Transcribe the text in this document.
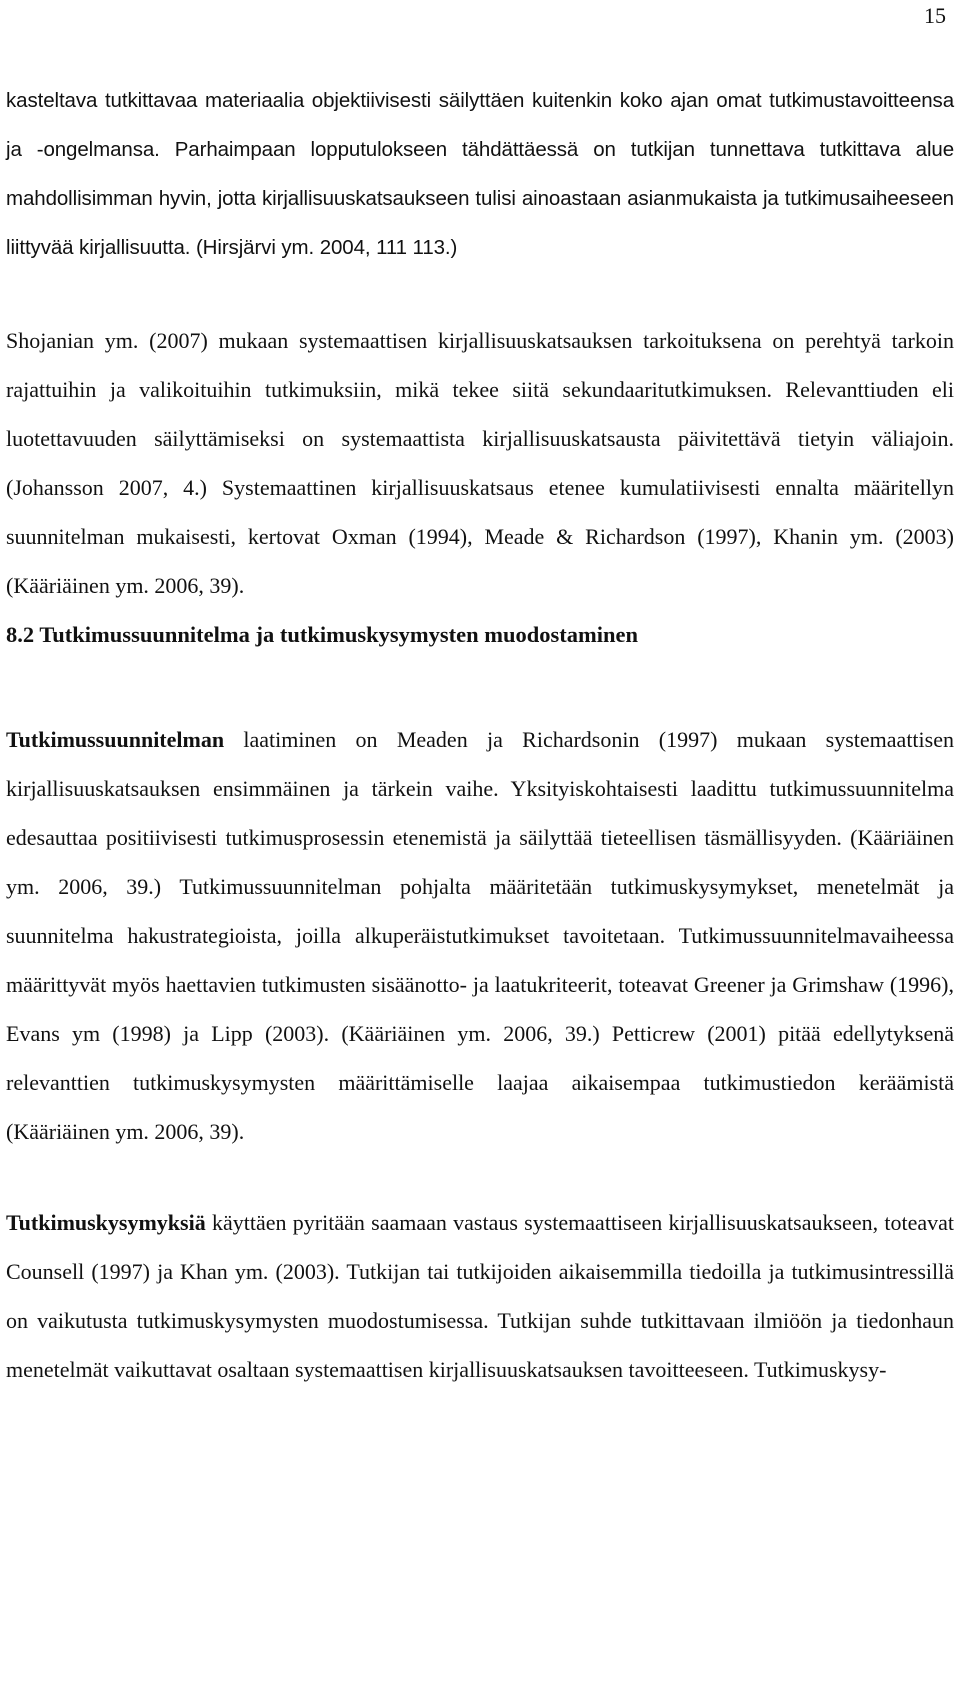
15

kasteltava tutkittavaa materiaalia objektiivisesti säilyttäen kuitenkin koko ajan omat tutkimustavoitteensa ja -ongelmansa. Parhaimpaan lopputulokseen tähdättäessä on tutkijan tunnettava tutkittava alue mahdollisimman hyvin, jotta kirjallisuuskatsaukseen tulisi ainoastaan asianmukaista ja tutkimusaiheeseen liittyvää kirjallisuutta. (Hirsjärvi ym. 2004, 111 113.)

Shojanian ym. (2007) mukaan systemaattisen kirjallisuuskatsauksen tarkoituksena on perehtyä tarkoin rajattuihin ja valikoituihin tutkimuksiin, mikä tekee siitä sekundaaritutkimuksen. Relevanttiuden eli luotettavuuden säilyttämiseksi on systemaattista kirjallisuuskatsausta päivitettävä tietyin väliajoin. (Johansson 2007, 4.) Systemaattinen kirjallisuuskatsaus etenee kumulatiivisesti ennalta määritellyn suunnitelman mukaisesti, kertovat Oxman (1994), Meade & Richardson (1997), Khanin ym. (2003) (Kääriäinen ym. 2006, 39).

8.2 Tutkimussuunnitelma ja tutkimuskysymysten muodostaminen

Tutkimussuunnitelman laatiminen on Meaden ja Richardsonin (1997) mukaan systemaattisen kirjallisuuskatsauksen ensimmäinen ja tärkein vaihe. Yksityiskohtaisesti laadittu tutkimussuunnitelma edesauttaa positiivisesti tutkimusprosessin etenemistä ja säilyttää tieteellisen täsmällisyyden. (Kääriäinen ym. 2006, 39.) Tutkimussuunnitelman pohjalta määritetään tutkimuskysymykset, menetelmät ja suunnitelma hakustrategioista, joilla alkuperäistutkimukset tavoitetaan. Tutkimussuunnitelmavaiheessa määrittyvät myös haettavien tutkimusten sisäänotto- ja laatukriteerit, toteavat Greener ja Grimshaw (1996), Evans ym (1998) ja Lipp (2003). (Kääriäinen ym. 2006, 39.) Petticrew (2001) pitää edellytyksenä relevanttien tutkimuskysymysten määrittämiselle laajaa aikaisempaa tutkimustiedon keräämistä (Kääriäinen ym. 2006, 39).

Tutkimuskysymyksiä käyttäen pyritään saamaan vastaus systemaattiseen kirjallisuuskatsaukseen, toteavat Counsell (1997) ja Khan ym. (2003). Tutkijan tai tutkijoiden aikaisemmilla tiedoilla ja tutkimusintressillä on vaikutusta tutkimuskysymysten muodostumisessa. Tutkijan suhde tutkittavaan ilmiöön ja tiedonhaun menetelmät vaikuttavat osaltaan systemaattisen kirjallisuuskatsauksen tavoitteeseen. Tutkimuskysy-
